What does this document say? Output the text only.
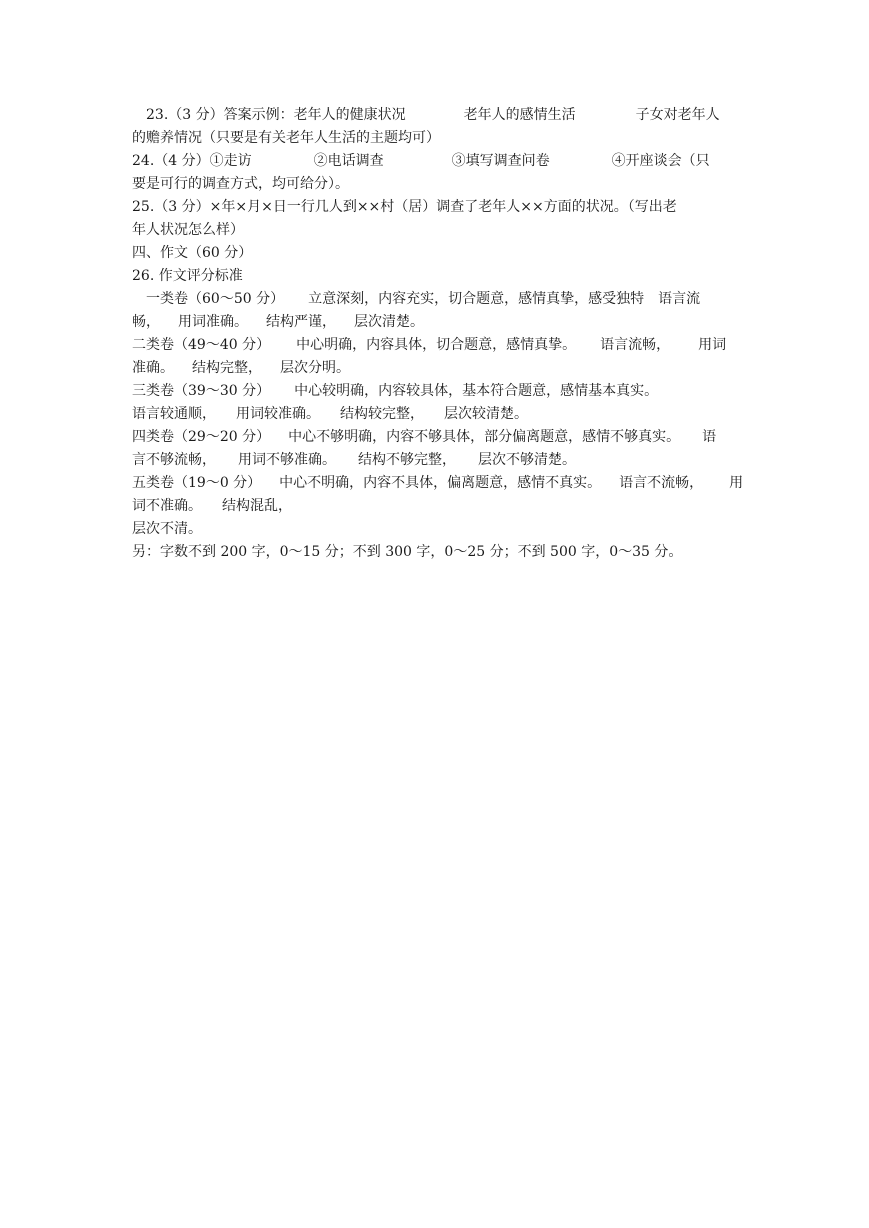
23.（3 分）答案示例：老年人的健康状况	老年人的感情生活	子女对老年人
的赡养情况（只要是有关老年人生活的主题均可）
24.（4 分）①走访	②电话调查	③填写调查问卷	④开座谈会（只
要是可行的调查方式，均可给分）。
25.（3 分）×年×月×日一行几人到××村（居）调查了老年人××方面的状况。（写出老
年人状况怎么样）
四、作文（60 分）
26. 作文评分标准
一类卷（60～50 分） 立意深刻，内容充实，切合题意，感情真挚，感受独特 语言流
畅， 用词准确。 结构严谨， 层次清楚。
二类卷（49～40 分） 中心明确，内容具体，切合题意，感情真挚。 语言流畅， 用词
准确。 结构完整， 层次分明。
三类卷（39～30 分） 中心较明确，内容较具体，基本符合题意，感情基本真实。
语言较通顺， 用词较准确。 结构较完整， 层次较清楚。
四类卷（29～20 分） 中心不够明确，内容不够具体，部分偏离题意，感情不够真实。 语
言不够流畅， 用词不够准确。 结构不够完整， 层次不够清楚。
五类卷（19～0 分） 中心不明确，内容不具体，偏离题意，感情不真实。 语言不流畅， 用
词不准确。 结构混乱，
层次不清。
另：字数不到 200 字，0～15 分；不到 300 字，0～25 分；不到 500 字，0～35 分。
